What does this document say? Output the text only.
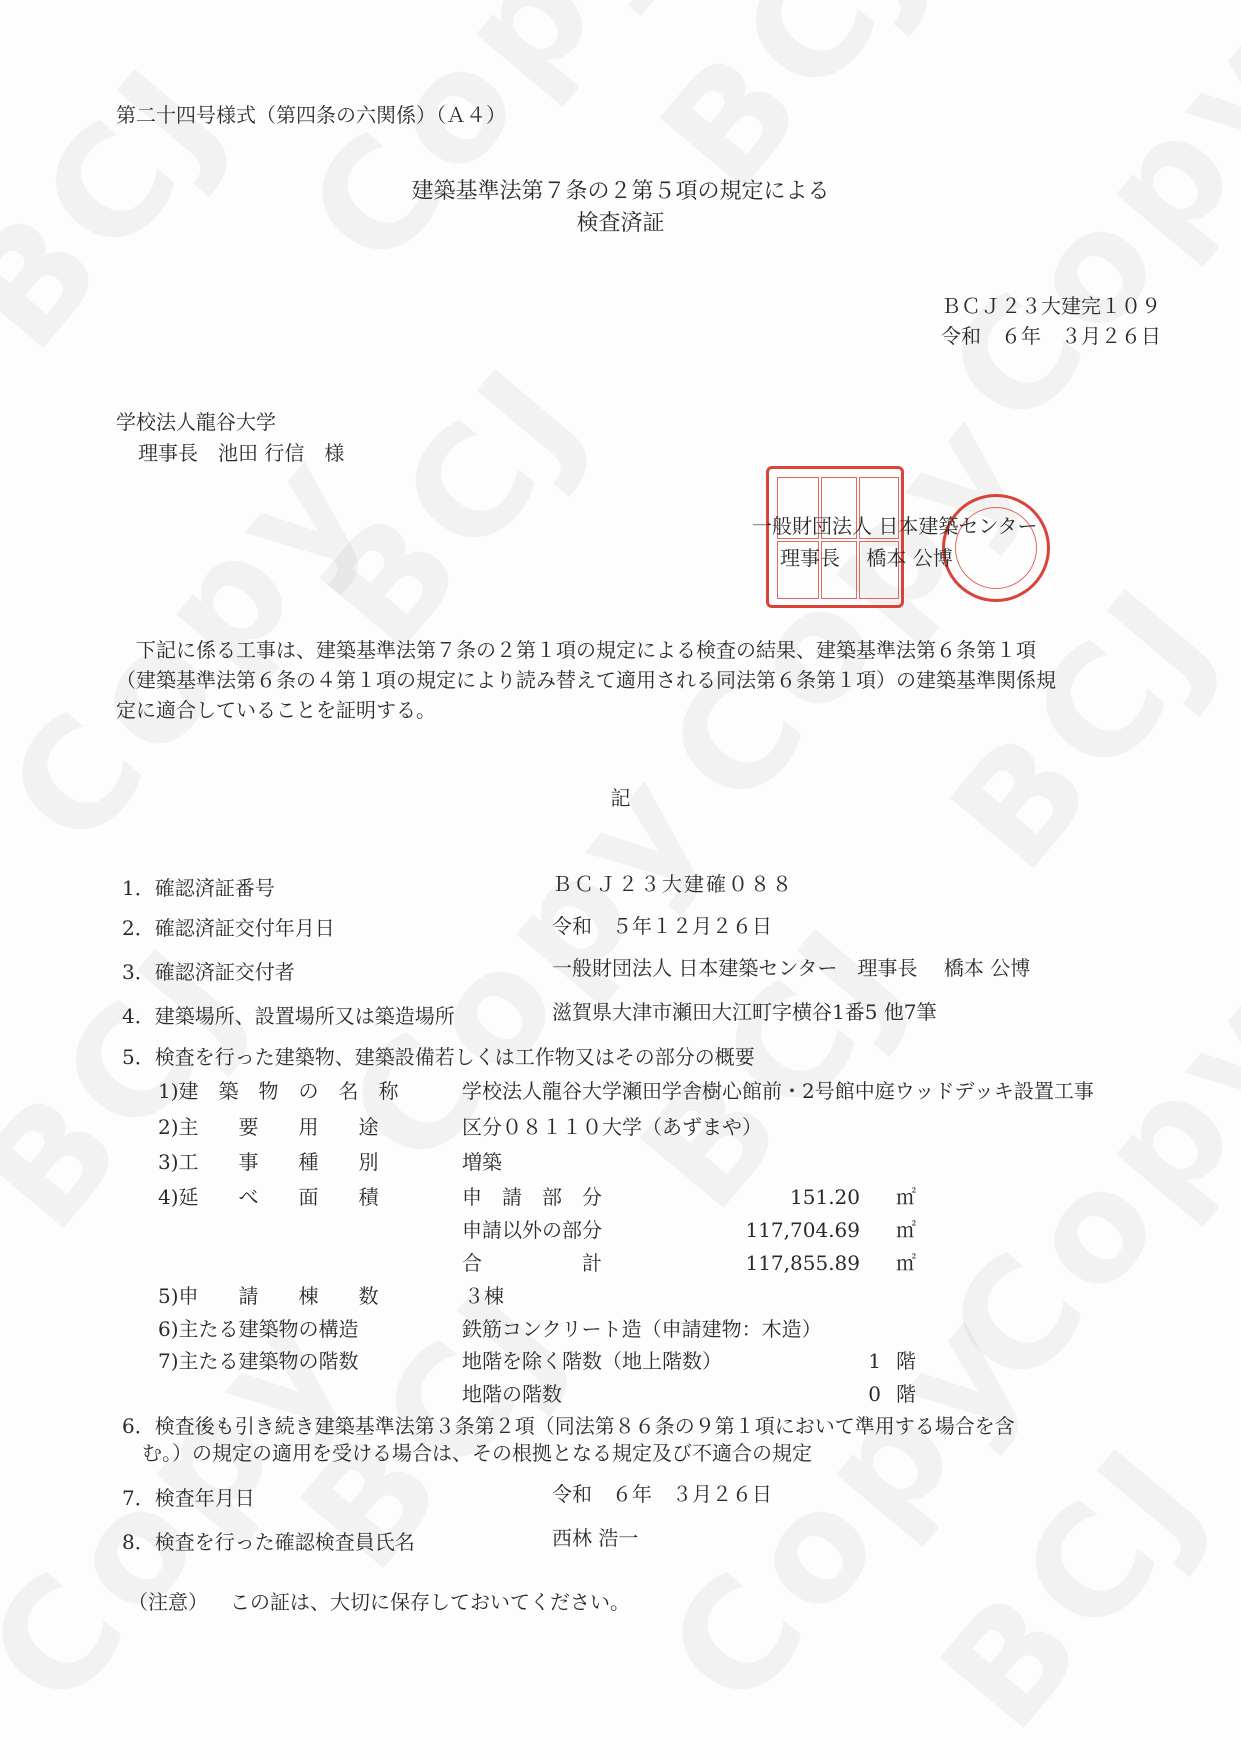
第二十四号様式（第四条の六関係）（Ａ４）
建築基準法第７条の２第５項の規定による
検査済証
ＢＣＪ２３大建完１０９
令和　６年　３月２６日
学校法人龍谷大学
理事長　池田 行信　様
一般財団法人 日本建築センター
理事長　 橋本 公博
下記に係る工事は、建築基準法第７条の２第１項の規定による検査の結果、建築基準法第６条第１項
（建築基準法第６条の４第１項の規定により読み替えて適用される同法第６条第１項）の建築基準関係規
定に適合していることを証明する。
記
1．確認済証番号	ＢＣＪ２３大建確０８８
2．確認済証交付年月日	令和　５年１２月２６日
3．確認済証交付者	一般財団法人 日本建築センター　理事長　 橋本 公博
4．建築場所、設置場所又は築造場所	滋賀県大津市瀬田大江町字横谷1番5 他7筆
5．検査を行った建築物、建築設備若しくは工作物又はその部分の概要
1)建　築　物　の　名　称	学校法人龍谷大学瀬田学舎樹心館前・2号館中庭ウッドデッキ設置工事
2)主　　要　　用　　途	区分０８１１０大学（あずまや）
3)工　　事　　種　　別	増築
4)延　　べ　　面　　積	申　請　部　分	151.20 ㎡
申請以外の部分	117,704.69 ㎡
合　　　　　計	117,855.89 ㎡
5)申　　請　　棟　　数	３棟
6)主たる建築物の構造	鉄筋コンクリート造（申請建物：木造）
7)主たる建築物の階数	地階を除く階数（地上階数）	1 階
地階の階数	0 階
6．検査後も引き続き建築基準法第３条第２項（同法第８６条の９第１項において準用する場合を含
む。）の規定の適用を受ける場合は、その根拠となる規定及び不適合の規定
7．検査年月日	令和　６年　３月２６日
8．検査を行った確認検査員氏名	西林 浩一
（注意） この証は、大切に保存しておいてください。
